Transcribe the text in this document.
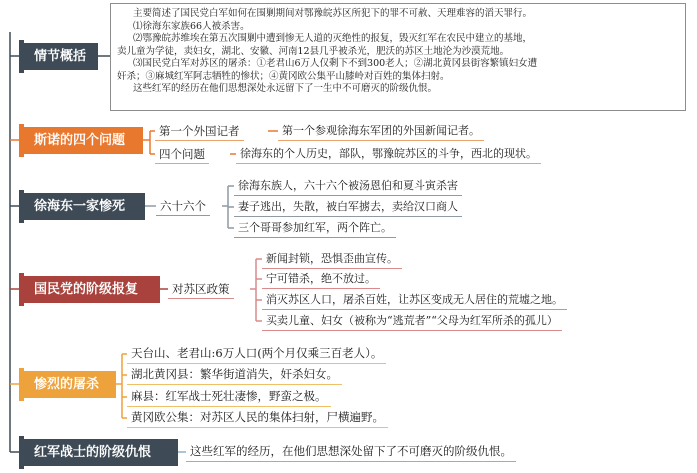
情节概括

主要简述了国民党白军如何在围剿期间对鄂豫皖苏区所犯下的罪不可赦、天理难容的滔天罪行。

⑴徐海东家族66人被杀害。

⑵鄂豫皖苏维埃在第五次围剿中遭到惨无人道的灭绝性的报复，毁灭红军在农民中建立的基地，

卖儿童为学徒，卖妇女，湖北、安徽、河南12县几乎被杀光，肥沃的苏区土地沦为沙漠荒地。

⑶国民党白军对苏区的屠杀：①老君山6万人仅剩下不到300老人；②湖北黄冈县街容繁镇妇女遭

奸杀；③麻城红军阿志牺牲的惨状；④黄冈欧公集平山膝岭对百姓的集体扫射。

这些红军的经历在他们思想深处永远留下了一生中不可磨灭的阶级仇恨。

斯诺的四个问题
第一个外国记者	第一个参观徐海东军团的外国新闻记者。
四个问题	徐海东的个人历史，部队，鄂豫皖苏区的斗争，西北的现状。
徐海东一家惨死	六十六个
徐海东族人，六十六个被汤恩伯和夏斗寅杀害
妻子逃出，失散，被白军掳去，卖给汉口商人
三个哥哥参加红军，两个阵亡。
国民党的阶级报复	对苏区政策
新闻封锁，恐惧歪曲宣传。
宁可错杀，绝不放过。
消灭苏区人口，屠杀百姓，让苏区变成无人居住的荒墟之地。
买卖儿童、妇女（被称为“逃荒者”“父母为红军所杀的孤儿）
惨烈的屠杀
天台山、老君山:6万人口(两个月仅乘三百老人）。
湖北黄冈县：繁华街道消失，奸杀妇女。
麻县：红军战士死壮凄惨，野蛮之极。
黄冈欧公集：对苏区人民的集体扫射，尸横遍野。
红军战士的阶级仇恨	这些红军的经历，在他们思想深处留下了不可磨灭的阶级仇恨。
